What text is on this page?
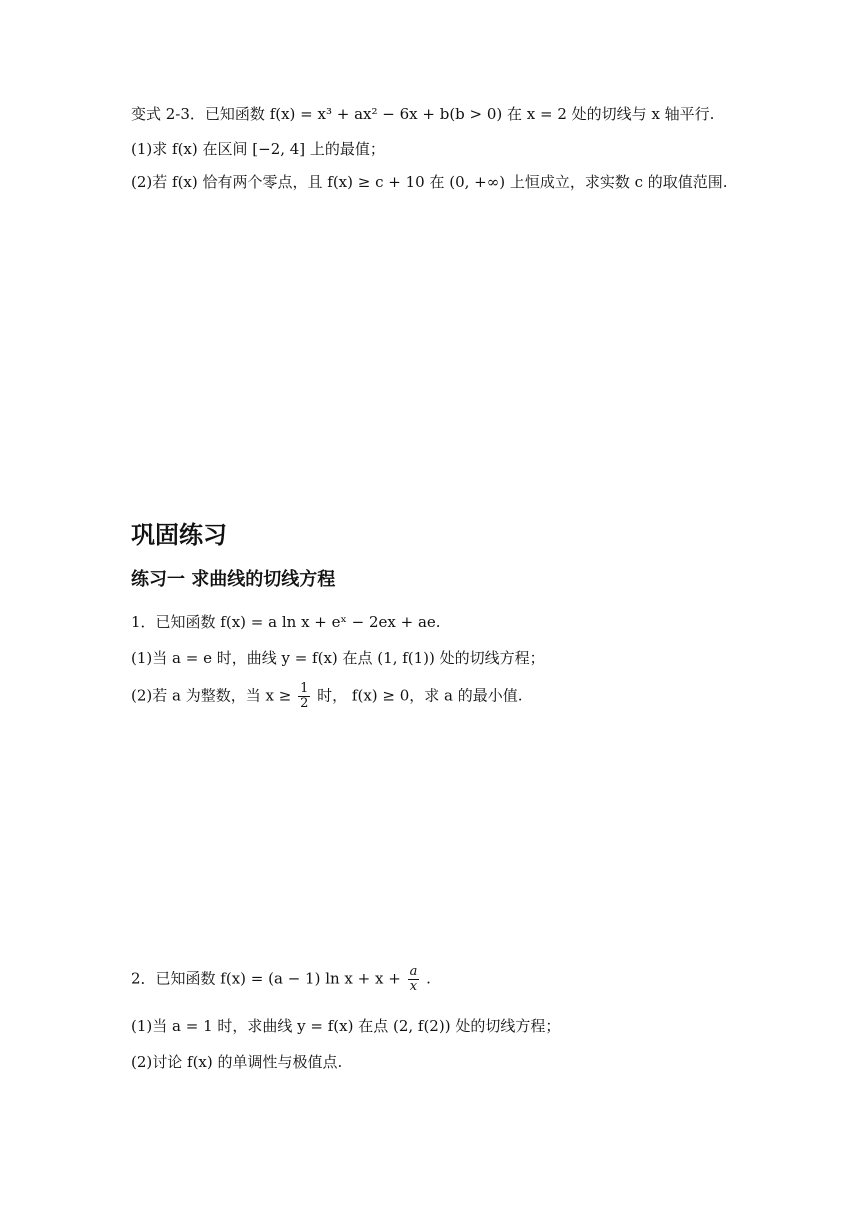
变式 2-3．已知函数 f(x) = x³ + ax² − 6x + b(b > 0) 在 x = 2 处的切线与 x 轴平行.
(1)求 f(x) 在区间 [−2, 4] 上的最值；
(2)若 f(x) 恰有两个零点，且 f(x) ≥ c + 10 在 (0, +∞) 上恒成立，求实数 c 的取值范围.
巩固练习
练习一 求曲线的切线方程
1．已知函数 f(x) = a ln x + eˣ − 2ex + ae.
(1)当 a = e 时，曲线 y = f(x) 在点 (1, f(1)) 处的切线方程；
(2)若 a 为整数，当 $x \ge \frac{1}{2}$ 时， f(x) ≥ 0，求 a 的最小值.
2．已知函数 f(x) = (a − 1) $\ln x + x + \frac{a}{x}$ .
(1)当 a = 1 时，求曲线 y = f(x) 在点 (2, f(2)) 处的切线方程；
(2)讨论 f(x) 的单调性与极值点.
